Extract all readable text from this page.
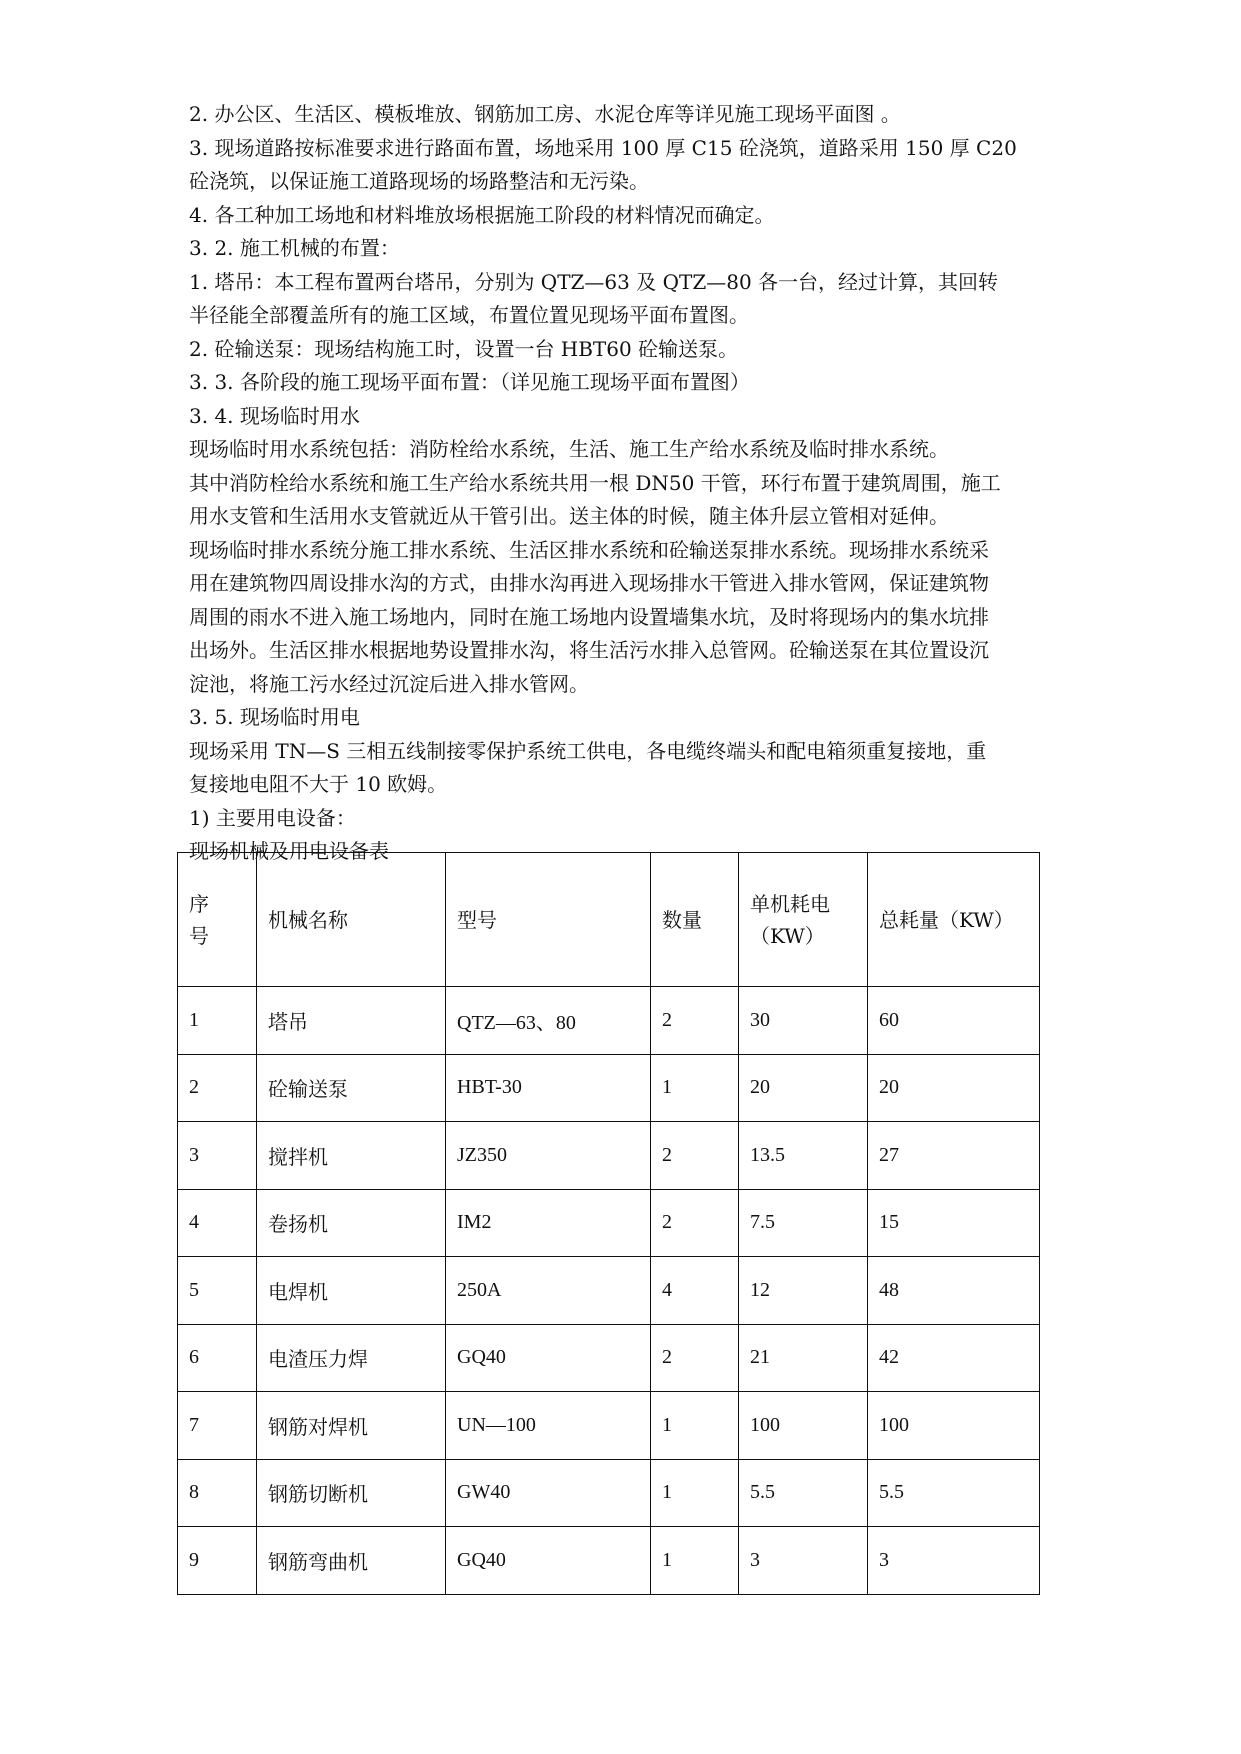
2. 办公区、生活区、模板堆放、钢筋加工房、水泥仓库等详见施工现场平面图 。
3. 现场道路按标准要求进行路面布置，场地采用 100 厚 C15 砼浇筑，道路采用 150 厚 C20
砼浇筑，以保证施工道路现场的场路整洁和无污染。
4. 各工种加工场地和材料堆放场根据施工阶段的材料情况而确定。
3. 2. 施工机械的布置：
1. 塔吊：本工程布置两台塔吊，分别为 QTZ—63 及 QTZ—80 各一台，经过计算，其回转
半径能全部覆盖所有的施工区域，布置位置见现场平面布置图。
2. 砼输送泵：现场结构施工时，设置一台 HBT60 砼输送泵。
3. 3. 各阶段的施工现场平面布置：（详见施工现场平面布置图）
3. 4. 现场临时用水
现场临时用水系统包括：消防栓给水系统，生活、施工生产给水系统及临时排水系统。
其中消防栓给水系统和施工生产给水系统共用一根 DN50 干管，环行布置于建筑周围，施工
用水支管和生活用水支管就近从干管引出。送主体的时候，随主体升层立管相对延伸。
现场临时排水系统分施工排水系统、生活区排水系统和砼输送泵排水系统。现场排水系统采
用在建筑物四周设排水沟的方式，由排水沟再进入现场排水干管进入排水管网，保证建筑物
周围的雨水不进入施工场地内，同时在施工场地内设置墙集水坑，及时将现场内的集水坑排
出场外。生活区排水根据地势设置排水沟，将生活污水排入总管网。砼输送泵在其位置设沉
淀池，将施工污水经过沉淀后进入排水管网。
3. 5. 现场临时用电
现场采用 TN—S 三相五线制接零保护系统工供电，各电缆终端头和配电箱须重复接地，重
复接地电阻不大于 10 欧姆。
1) 主要用电设备：
现场机械及用电设备表
序号	机械名称	型号	数量	单机耗电（KW）	总耗量（KW）
1	塔吊	QTZ—63、80	2	30	60
2	砼输送泵	HBT-30	1	20	20
3	搅拌机	JZ350	2	13.5	27
4	卷扬机	IM2	2	7.5	15
5	电焊机	250A	4	12	48
6	电渣压力焊	GQ40	2	21	42
7	钢筋对焊机	UN—100	1	100	100
8	钢筋切断机	GW40	1	5.5	5.5
9	钢筋弯曲机	GQ40	1	3	3
